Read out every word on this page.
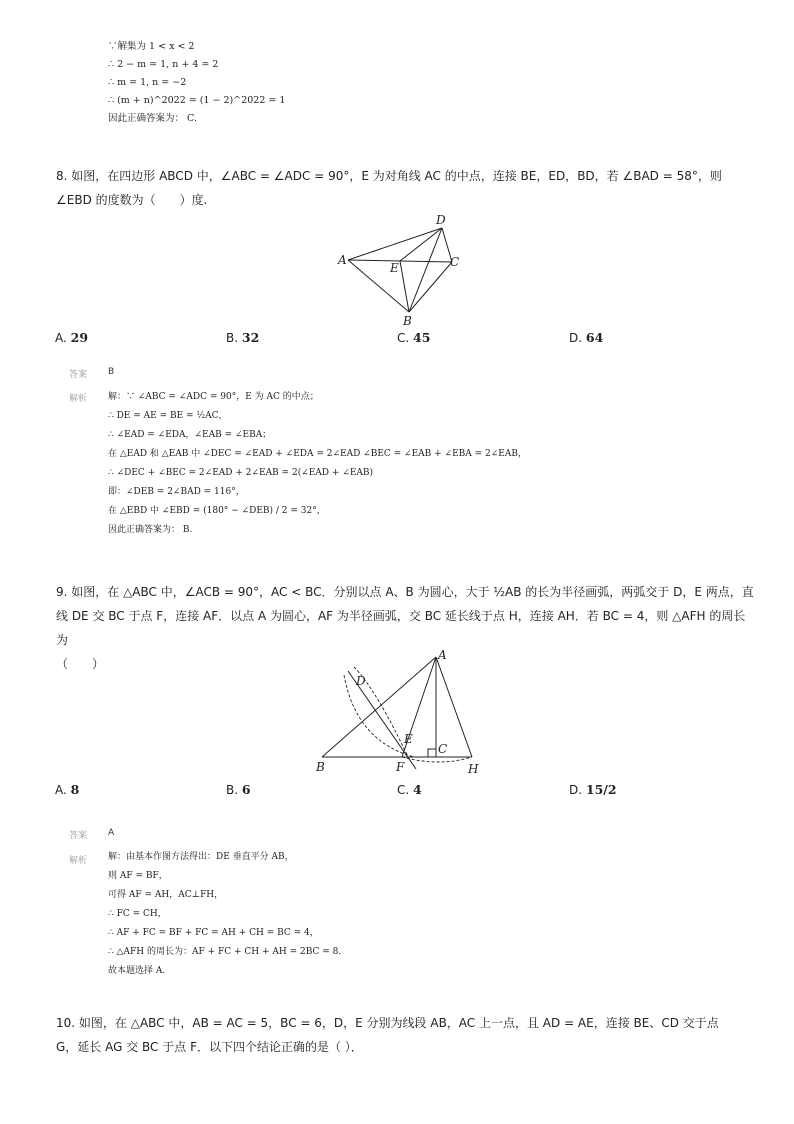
∵解集为 1 < x < 2
∴ 2 − m = 1, n + 4 = 2
∴ m = 1, n = −2
∴ (m + n)^2022 = (1 − 2)^2022 = 1
因此正确答案为： C.
8. 如图，在四边形 ABCD 中，∠ABC = ∠ADC = 90°，E 为对角线 AC 的中点，连接 BE，ED，BD，若 ∠BAD = 58°，则
∠EBD 的度数为（　　）度.
D
A
E	C
B
A. 29	B. 32	C. 45	D. 64
答案 B
解析 解：∵ ∠ABC = ∠ADC = 90°，E 为 AC 的中点；
∴ DE = AE = BE = ½AC，
∴ ∠EAD = ∠EDA，∠EAB = ∠EBA；
在 △EAD 和 △EAB 中 ∠DEC = ∠EAD + ∠EDA = 2∠EAD ∠BEC = ∠EAB + ∠EBA = 2∠EAB，
∴ ∠DEC + ∠BEC = 2∠EAD + 2∠EAB = 2(∠EAD + ∠EAB)
即：∠DEB = 2∠BAD = 116°，
在 △EBD 中 ∠EBD = (180° − ∠DEB) / 2 = 32°，
因此正确答案为： B.
9. 如图，在 △ABC 中，∠ACB = 90°，AC < BC．分别以点 A、B 为圆心，大于 ½AB 的长为半径画弧，两弧交于 D，E 两点，直
线 DE 交 BC 于点 F，连接 AF．以点 A 为圆心，AF 为半径画弧，交 BC 延长线于点 H，连接 AH．若 BC = 4，则 △AFH 的周长为
（　　）
A
D
E
C
B	F	H
A. 8	B. 6	C. 4	D. 15/2
答案 A
解析 解：由基本作图方法得出：DE 垂直平分 AB，
则 AF = BF，
可得 AF = AH，AC⊥FH，
∴ FC = CH，
∴ AF + FC = BF + FC = AH + CH = BC = 4，
∴ △AFH 的周长为：AF + FC + CH + AH = 2BC = 8．
故本题选择 A.
10. 如图，在 △ABC 中，AB = AC = 5，BC = 6，D，E 分别为线段 AB，AC 上一点，且 AD = AE，连接 BE、CD 交于点
G，延长 AG 交 BC 于点 F．以下四个结论正确的是（ ）．
